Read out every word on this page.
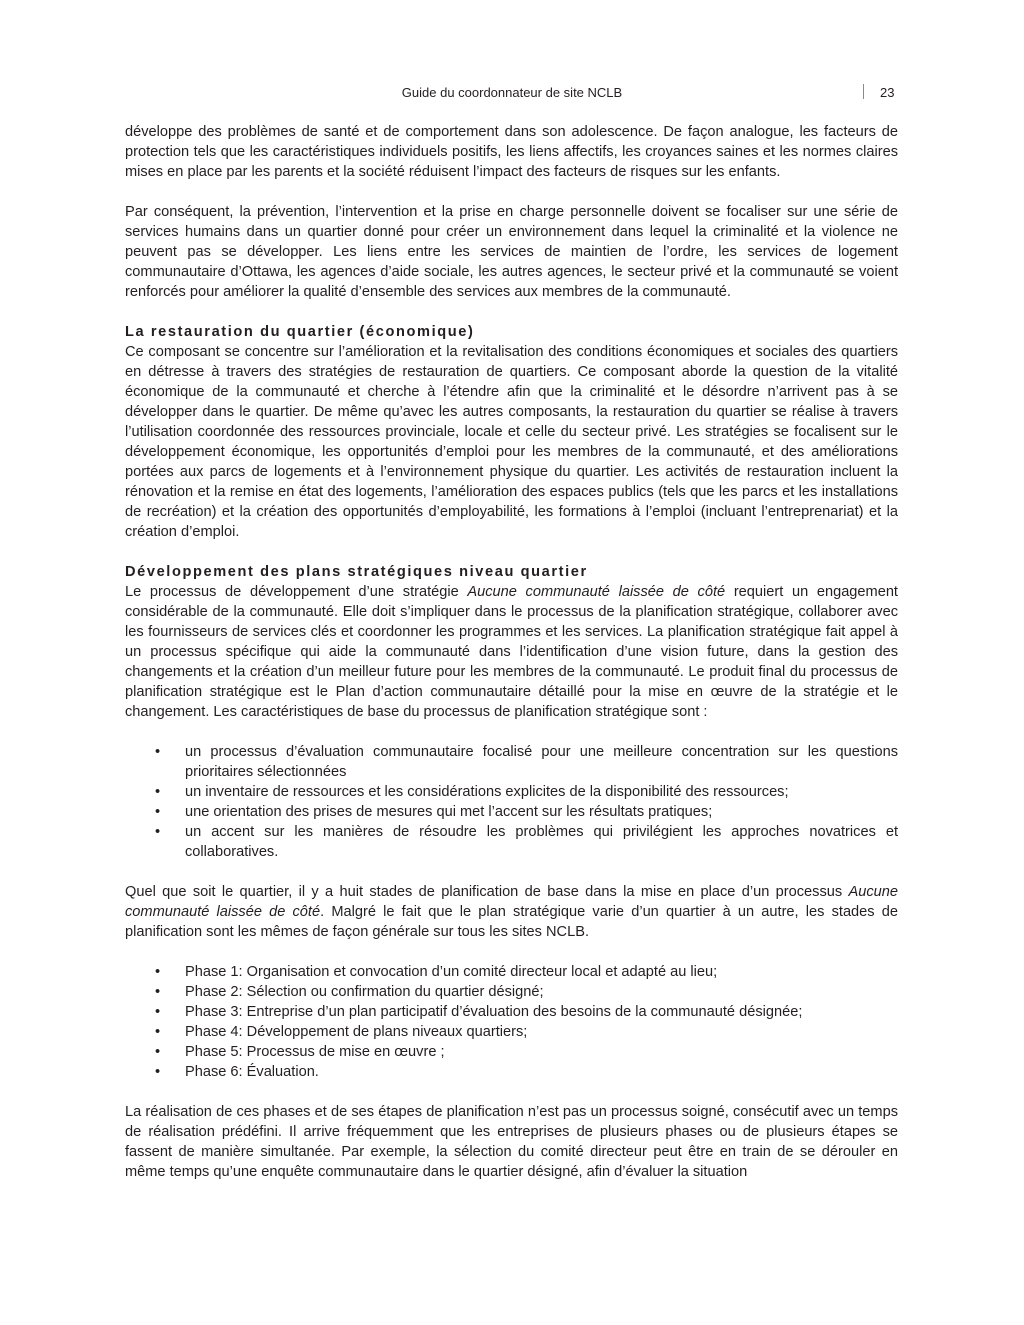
Guide du coordonnateur de site NCLB	23

développe des problèmes de santé et de comportement dans son adolescence. De façon analogue, les facteurs de protection tels que les caractéristiques individuels positifs, les liens affectifs, les croyances saines et les normes claires mises en place par les parents et la société réduisent l’impact des facteurs de risques sur les enfants.

Par conséquent, la prévention, l’intervention et la prise en charge personnelle doivent se focaliser sur une série de services humains dans un quartier donné pour créer un environnement dans lequel la criminalité et la violence ne peuvent pas se développer. Les liens entre les services de maintien de l’ordre, les services de logement communautaire d’Ottawa, les agences d’aide sociale, les autres agences, le secteur privé et la communauté se voient renforcés pour améliorer la qualité d’ensemble des services aux membres de la communauté.

La restauration du quartier (économique)

Ce composant se concentre sur l’amélioration et la revitalisation des conditions économiques et sociales des quartiers en détresse à travers des stratégies de restauration de quartiers. Ce composant aborde la question de la vitalité économique de la communauté et cherche à l’étendre afin que la criminalité et le désordre n’arrivent pas à se développer dans le quartier. De même qu’avec les autres composants, la restauration du quartier se réalise à travers l’utilisation coordonnée des ressources provinciale, locale et celle du secteur privé. Les stratégies se focalisent sur le développement économique, les opportunités d’emploi pour les membres de la communauté, et des améliorations portées aux parcs de logements et à l’environnement physique du quartier. Les activités de restauration incluent la rénovation et la remise en état des logements, l’amélioration des espaces publics (tels que les parcs et les installations de recréation) et la création des opportunités d’employabilité, les formations à l’emploi (incluant l’entreprenariat) et la création d’emploi.

Développement des plans stratégiques niveau quartier

Le processus de développement d’une stratégie Aucune communauté laissée de côté requiert un engagement considérable de la communauté. Elle doit s’impliquer dans le processus de la planification stratégique, collaborer avec les fournisseurs de services clés et coordonner les programmes et les services. La planification stratégique fait appel à un processus spécifique qui aide la communauté dans l’identification d’une vision future, dans la gestion des changements et la création d’un meilleur future pour les membres de la communauté. Le produit final du processus de planification stratégique est le Plan d’action communautaire détaillé pour la mise en œuvre de la stratégie et le changement. Les caractéristiques de base du processus de planification stratégique sont :

• un processus d’évaluation communautaire focalisé pour une meilleure concentration sur les questions prioritaires sélectionnées
• un inventaire de ressources et les considérations explicites de la disponibilité des ressources;
• une orientation des prises de mesures qui met l’accent sur les résultats pratiques;
• un accent sur les manières de résoudre les problèmes qui privilégient les approches novatrices et collaboratives.

Quel que soit le quartier, il y a huit stades de planification de base dans la mise en place d’un processus Aucune communauté laissée de côté. Malgré le fait que le plan stratégique varie d’un quartier à un autre, les stades de planification sont les mêmes de façon générale sur tous les sites NCLB.

• Phase 1: Organisation et convocation d’un comité directeur local et adapté au lieu;
• Phase 2: Sélection ou confirmation du quartier désigné;
• Phase 3: Entreprise d’un plan participatif d’évaluation des besoins de la communauté désignée;
• Phase 4: Développement de plans niveaux quartiers;
• Phase 5: Processus de mise en œuvre ;
• Phase 6: Évaluation.

La réalisation de ces phases et de ses étapes de planification n’est pas un processus soigné, consécutif avec un temps de réalisation prédéfini. Il arrive fréquemment que les entreprises de plusieurs phases ou de plusieurs étapes se fassent de manière simultanée. Par exemple, la sélection du comité directeur peut être en train de se dérouler en même temps qu’une enquête communautaire dans le quartier désigné, afin d’évaluer la situation
